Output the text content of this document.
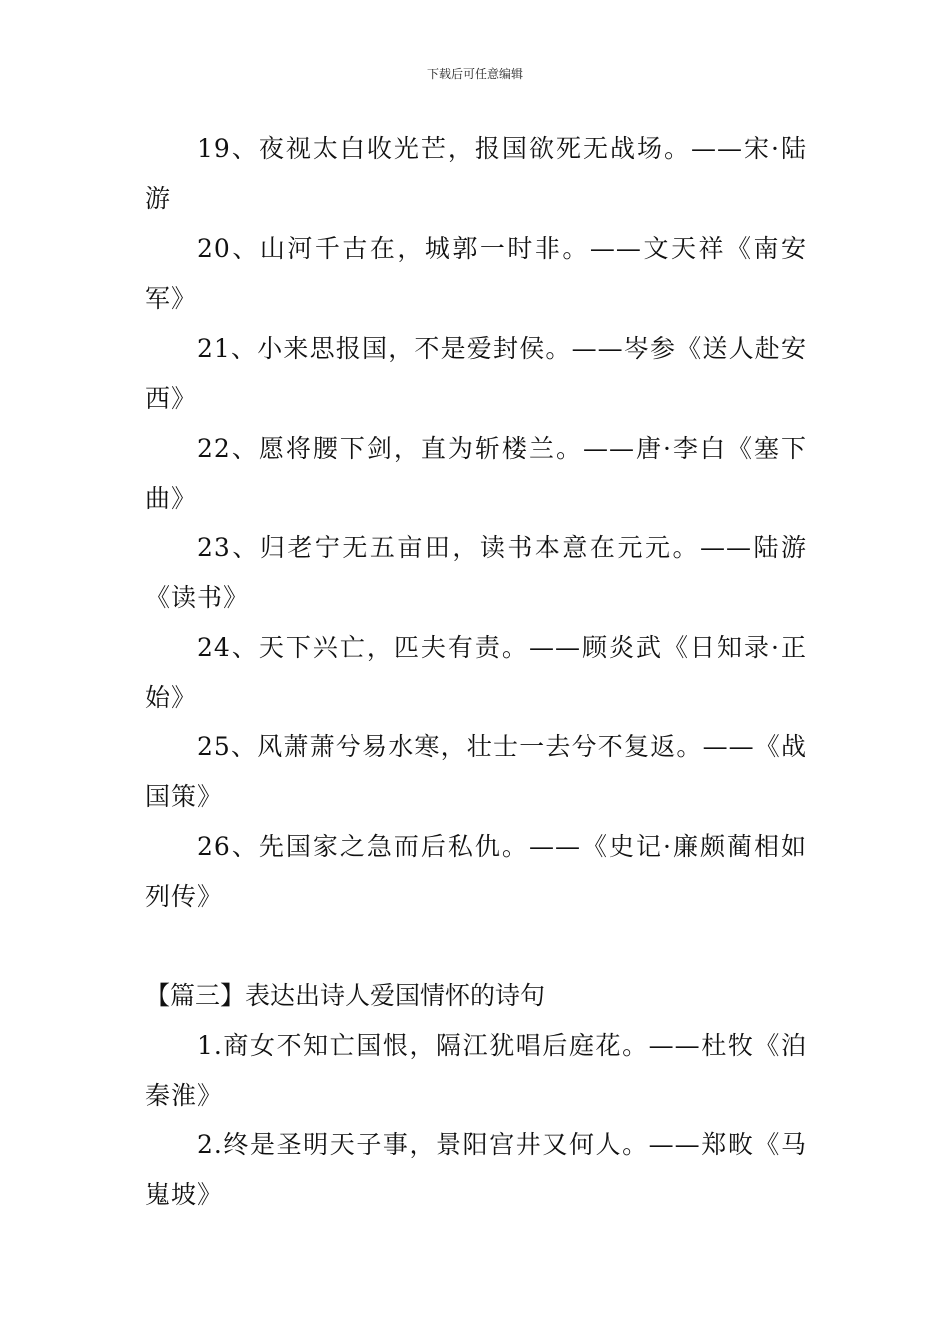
下载后可任意编辑

19、夜视太白收光芒，报国欲死无战场。——宋·陆游

20、山河千古在，城郭一时非。——文天祥《南安军》

21、小来思报国，不是爱封侯。——岑参《送人赴安西》

22、愿将腰下剑，直为斩楼兰。——唐·李白《塞下曲》

23、归老宁无五亩田，读书本意在元元。——陆游《读书》

24、天下兴亡，匹夫有责。——顾炎武《日知录·正始》

25、风萧萧兮易水寒，壮士一去兮不复返。——《战国策》

26、先国家之急而后私仇。——《史记·廉颇蔺相如列传》

【篇三】表达出诗人爱国情怀的诗句

1.商女不知亡国恨，隔江犹唱后庭花。——杜牧《泊秦淮》

2.终是圣明天子事，景阳宫井又何人。——郑畋《马嵬坡》
